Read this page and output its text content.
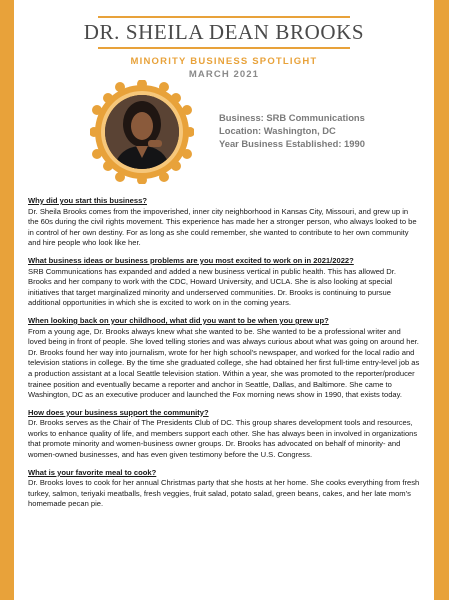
DR. SHEILA DEAN BROOKS
MINORITY BUSINESS SPOTLIGHT
MARCH 2021
Business: SRB Communications
Location: Washington, DC
Year Business Established: 1990

Why did you start this business?

Dr. Sheila Brooks comes from the impoverished, inner city neighborhood in Kansas City, Missouri, and grew up in the 60s during the civil rights movement. This experience has made her a stronger person, who always looked to be in control of her own destiny. For as long as she could remember, she wanted to contribute to her own community and hire people who look like her.

What business ideas or business problems are you most excited to work on in 2021/2022?

SRB Communications has expanded and added a new business vertical in public health. This has allowed Dr. Brooks and her company to work with the CDC, Howard University, and UCLA. She is also looking at special initiatives that target marginalized minority and underserved communities. Dr. Brooks is continuing to pursue additional opportunities in which she is excited to work on in the coming years.

When looking back on your childhood, what did you want to be when you grew up?

From a young age, Dr. Brooks always knew what she wanted to be. She wanted to be a professional writer and loved being in front of people. She loved telling stories and was always curious about what was going on around her. Dr. Brooks found her way into journalism, wrote for her high school's newspaper, and worked for the local radio and television stations in college. By the time she graduated college, she had obtained her first full-time entry-level job as a production assistant at a local Seattle television station. Within a year, she was promoted to the reporter/producer trainee position and eventually became a reporter and anchor in Seattle, Dallas, and Baltimore. She came to Washington, DC as an executive producer and launched the Fox morning news show in 1990, that exists today.

How does your business support the community?

Dr. Brooks serves as the Chair of The Presidents Club of DC. This group shares development tools and resources, works to enhance quality of life, and members support each other. She has always been in involved in organizations that promote minority and women-business owner groups. Dr. Brooks has advocated on behalf of minority- and women-owned businesses, and has even given testimony before the U.S. Congress.

What is your favorite meal to cook?

Dr. Brooks loves to cook for her annual Christmas party that she hosts at her home. She cooks everything from fresh turkey, salmon, teriyaki meatballs, fresh veggies, fruit salad, potato salad, green beans, cakes, and her late mom's homemade pecan pie.
